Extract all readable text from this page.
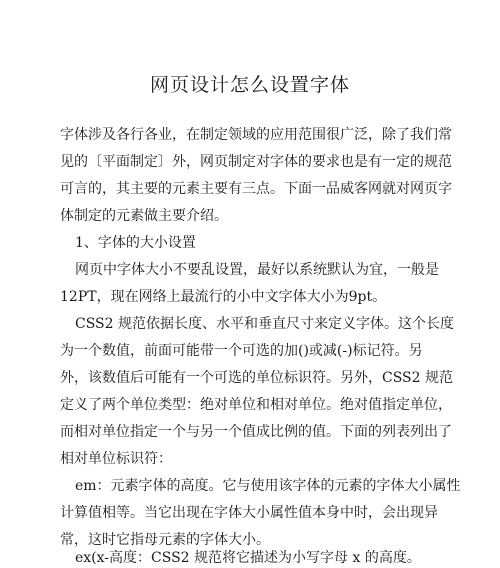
网页设计怎么设置字体
字体涉及各行各业，在制定领域的应用范围很广泛，除了我们常
见的〔平面制定〕外，网页制定对字体的要求也是有一定的规范
可言的，其主要的元素主要有三点。下面一品威客网就对网页字
体制定的元素做主要介绍。
1、字体的大小设置
网页中字体大小不要乱设置，最好以系统默认为宜，一般是
12PT，现在网络上最流行的小中文字体大小为9pt。
CSS2 规范依据长度、水平和垂直尺寸来定义字体。这个长度
为一个数值，前面可能带一个可选的加()或减(-)标记符。另
外，该数值后可能有一个可选的单位标识符。另外，CSS2 规范
定义了两个单位类型：绝对单位和相对单位。绝对值指定单位，
而相对单位指定一个与另一个值成比例的值。下面的列表列出了
相对单位标识符：
em：元素字体的高度。它与使用该字体的元素的字体大小属性
计算值相等。当它出现在字体大小属性值本身中时，会出现异
常，这时它指母元素的字体大小。
ex(x-高度：CSS2 规范将它描述为小写字母 x 的高度。
